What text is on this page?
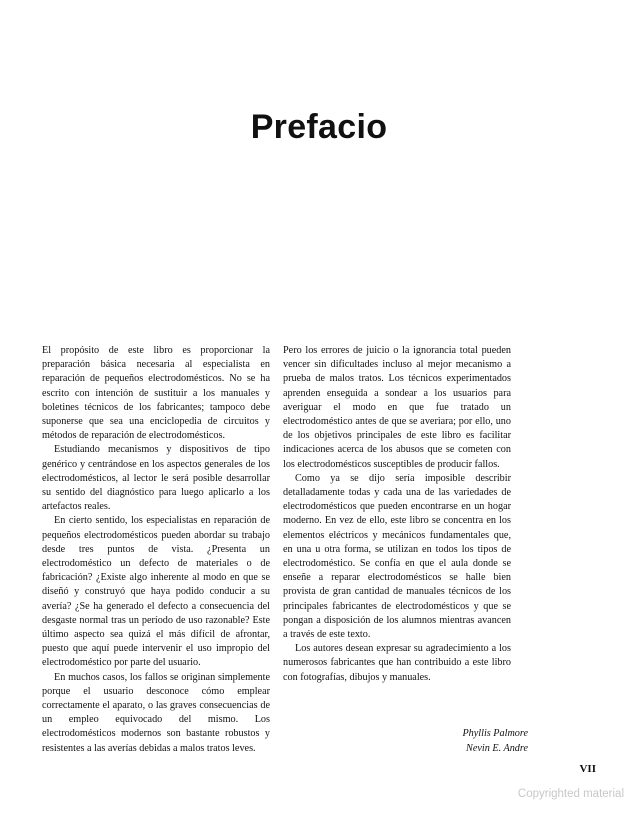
Prefacio

El propósito de este libro es proporcionar la preparación básica necesaria al especialista en reparación de pequeños electrodomésticos. No se ha escrito con intención de sustituir a los manuales y boletines técnicos de los fabricantes; tampoco debe suponerse que sea una enciclopedia de circuitos y métodos de reparación de electrodomésticos.

Estudiando mecanismos y dispositivos de tipo genérico y centrándose en los aspectos generales de los electrodomésticos, al lector le será posible desarrollar su sentido del diagnóstico para luego aplicarlo a los artefactos reales.

En cierto sentido, los especialistas en reparación de pequeños electrodomésticos pueden abordar su trabajo desde tres puntos de vista. ¿Presenta un electrodoméstico un defecto de materiales o de fabricación? ¿Existe algo inherente al modo en que se diseñó y construyó que haya podido conducir a su avería? ¿Se ha generado el defecto a consecuencia del desgaste normal tras un período de uso razonable? Este último aspecto sea quizá el más difícil de afrontar, puesto que aquí puede intervenir el uso impropio del electrodoméstico por parte del usuario.

En muchos casos, los fallos se originan simplemente porque el usuario desconoce cómo emplear correctamente el aparato, o las graves consecuencias de un empleo equivocado del mismo. Los electrodomésticos modernos son bastante robustos y resistentes a las averías debidas a malos tratos leves.

Pero los errores de juicio o la ignorancia total pueden vencer sin dificultades incluso al mejor mecanismo a prueba de malos tratos. Los técnicos experimentados aprenden enseguida a sondear a los usuarios para averiguar el modo en que fue tratado un electrodoméstico antes de que se averiara; por ello, uno de los objetivos principales de este libro es facilitar indicaciones acerca de los abusos que se cometen con los electrodomésticos susceptibles de producir fallos.

Como ya se dijo sería imposible describir detalladamente todas y cada una de las variedades de electrodomésticos que pueden encontrarse en un hogar moderno. En vez de ello, este libro se concentra en los elementos eléctricos y mecánicos fundamentales que, en una u otra forma, se utilizan en todos los tipos de electrodoméstico. Se confía en que el aula donde se enseñe a reparar electrodomésticos se halle bien provista de gran cantidad de manuales técnicos de los principales fabricantes de electrodomésticos y que se pongan a disposición de los alumnos mientras avancen a través de este texto.

Los autores desean expresar su agradecimiento a los numerosos fabricantes que han contribuido a este libro con fotografías, dibujos y manuales.

Phyllis Palmore
Nevin E. Andre
VII
Copyrighted material
